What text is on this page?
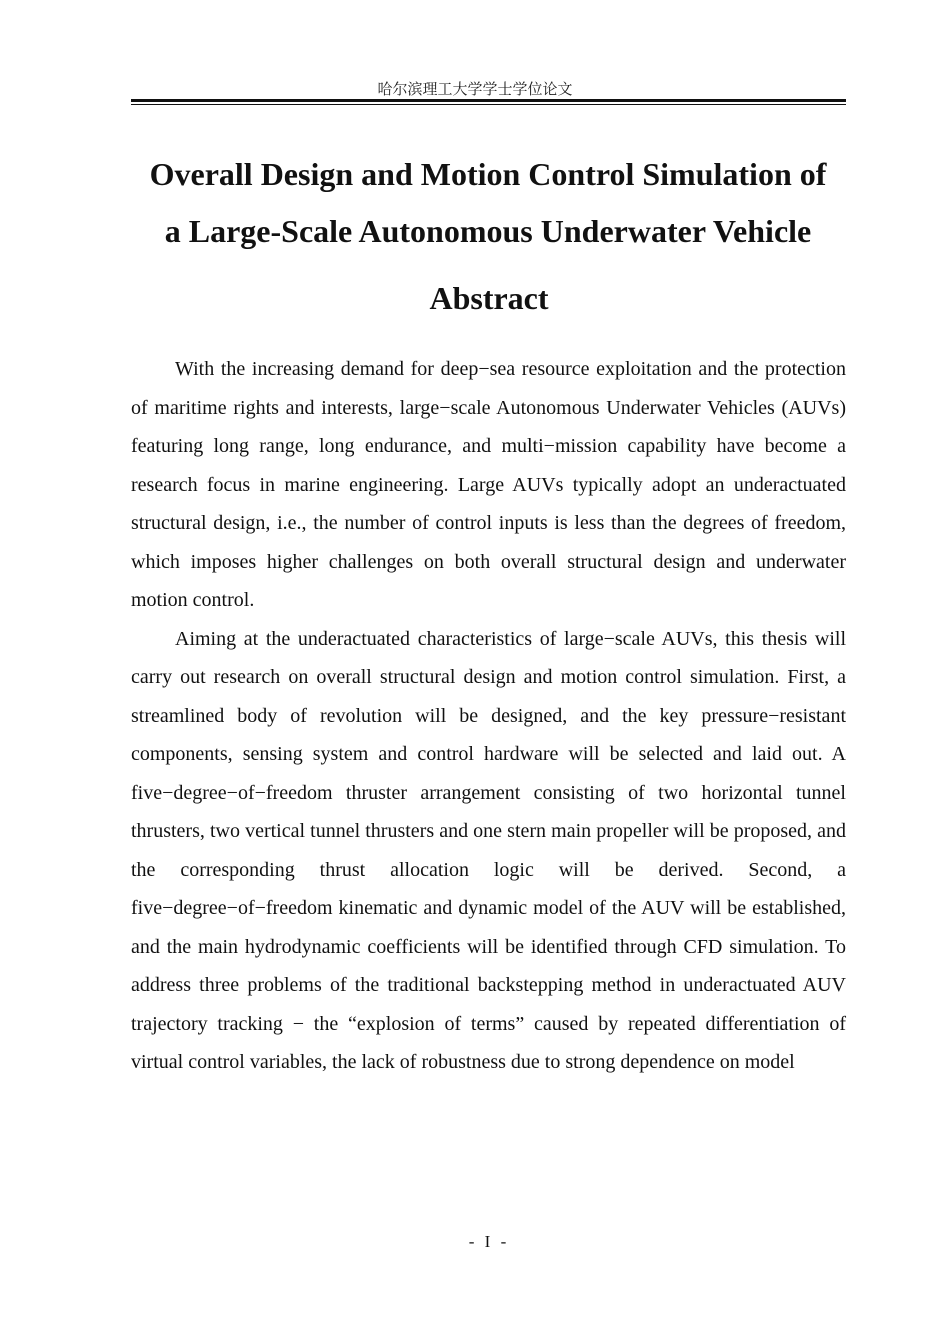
哈尔滨理工大学学士学位论文
Overall Design and Motion Control Simulation of
a Large-Scale Autonomous Underwater Vehicle
Abstract

With the increasing demand for deep−sea resource exploitation and the protection of maritime rights and interests, large−scale Autonomous Underwater Vehicles (AUVs) featuring long range, long endurance, and multi−mission capability have become a research focus in marine engineering. Large AUVs typically adopt an underactuated structural design, i.e., the number of control inputs is less than the degrees of freedom, which imposes higher challenges on both overall structural design and underwater motion control.

Aiming at the underactuated characteristics of large−scale AUVs, this thesis will carry out research on overall structural design and motion control simulation. First, a streamlined body of revolution will be designed, and the key pressure−resistant components, sensing system and control hardware will be selected and laid out. A five−degree−of−freedom thruster arrangement consisting of two horizontal tunnel thrusters, two vertical tunnel thrusters and one stern main propeller will be proposed, and the corresponding thrust allocation logic will be derived. Second, a five−degree−of−freedom kinematic and dynamic model of the AUV will be established, and the main hydrodynamic coefficients will be identified through CFD simulation. To address three problems of the traditional backstepping method in underactuated AUV trajectory tracking − the “explosion of terms” caused by repeated differentiation of virtual control variables, the lack of robustness due to strong dependence on model

- I -
